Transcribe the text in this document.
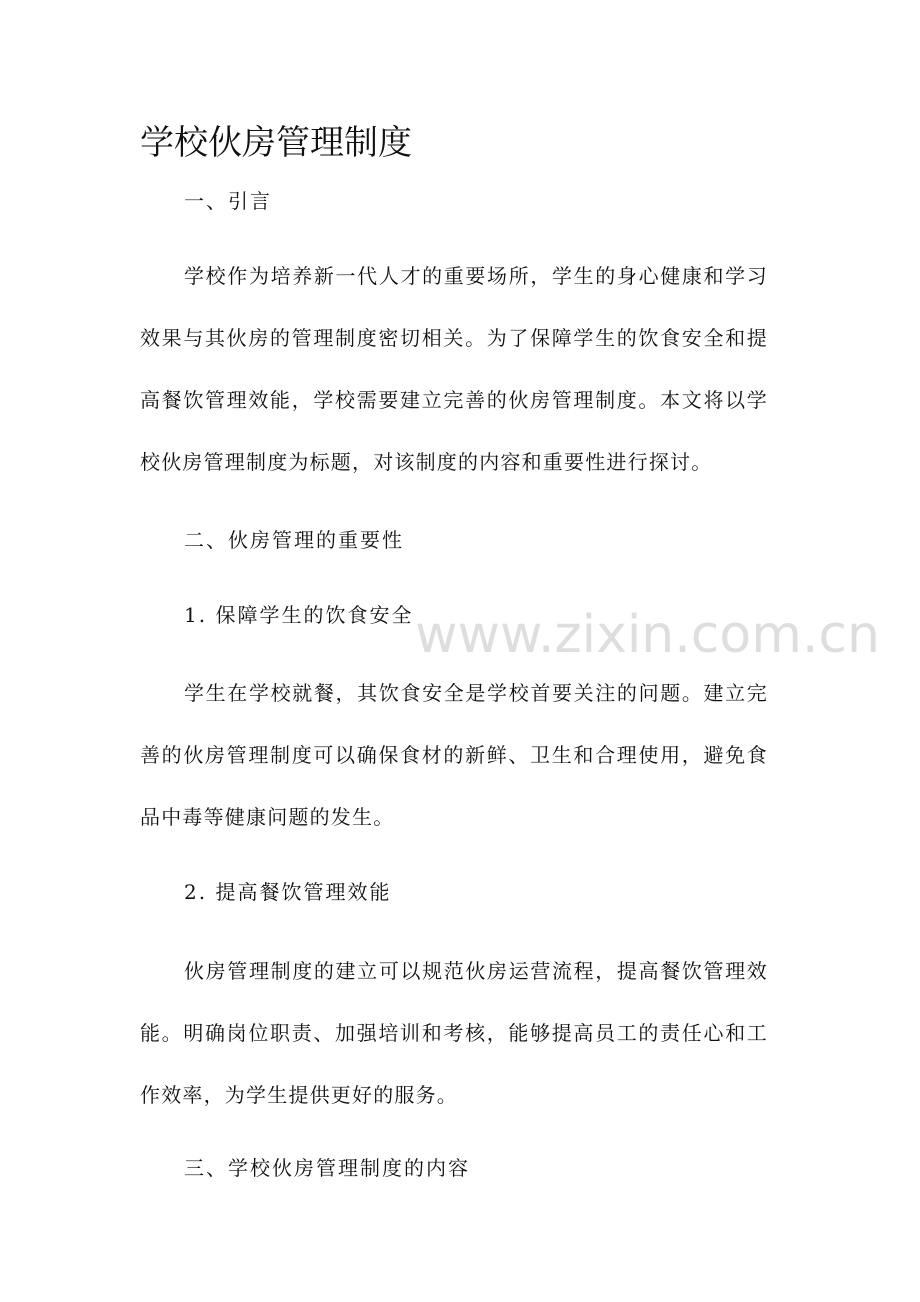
学校伙房管理制度
一、引言
学校作为培养新一代人才的重要场所，学生的身心健康和学习效果与其伙房的管理制度密切相关。为了保障学生的饮食安全和提高餐饮管理效能，学校需要建立完善的伙房管理制度。本文将以学校伙房管理制度为标题，对该制度的内容和重要性进行探讨。
二、伙房管理的重要性
1. 保障学生的饮食安全
学生在学校就餐，其饮食安全是学校首要关注的问题。建立完善的伙房管理制度可以确保食材的新鲜、卫生和合理使用，避免食品中毒等健康问题的发生。
2. 提高餐饮管理效能
伙房管理制度的建立可以规范伙房运营流程，提高餐饮管理效能。明确岗位职责、加强培训和考核，能够提高员工的责任心和工作效率，为学生提供更好的服务。
三、学校伙房管理制度的内容
www.zixin.com.cn
